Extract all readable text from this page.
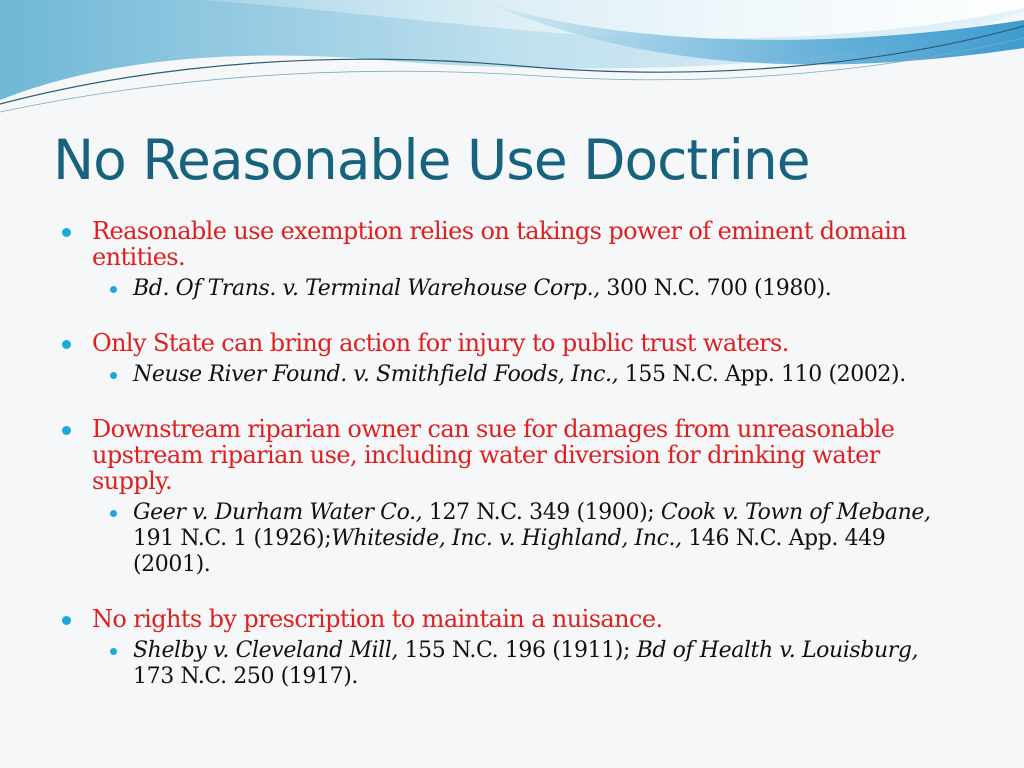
No Reasonable Use Doctrine
Reasonable use exemption relies on takings power of eminent domain entities.
Bd. Of Trans. v. Terminal Warehouse Corp., 300 N.C. 700 (1980).
Only State can bring action for injury to public trust waters.
Neuse River Found. v. Smithfield Foods, Inc., 155 N.C. App. 110 (2002).
Downstream riparian owner can sue for damages from unreasonable upstream riparian use, including water diversion for drinking water supply.
Geer v. Durham Water Co., 127 N.C. 349 (1900); Cook v. Town of Mebane, 191 N.C. 1 (1926);Whiteside, Inc. v. Highland, Inc., 146 N.C. App. 449 (2001).
No rights by prescription to maintain a nuisance.
Shelby v. Cleveland Mill, 155 N.C. 196 (1911); Bd of Health v. Louisburg, 173 N.C. 250 (1917).
